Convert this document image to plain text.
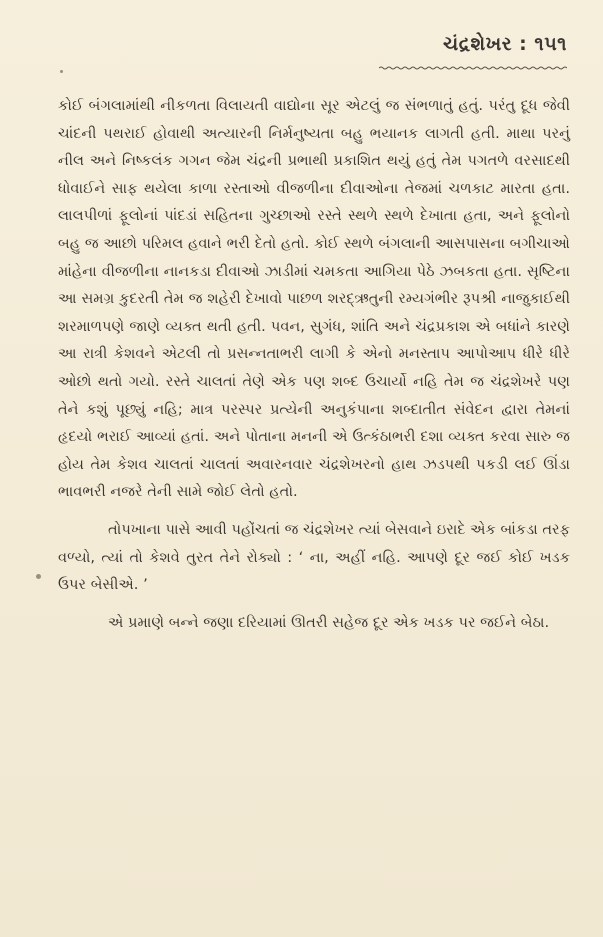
ચંદ્રશેખર : ૧૫૧

કોઈ બંગલામાંથી નીકળતા વિલાયતી વાદ્યોના સૂર એટલું જ સંભળાતું હતું. પરંતુ દૂધ જેવી ચાંદની પથરાઈ હોવાથી અત્યારની નિર્મનુષ્યતા બહુ ભયાનક લાગતી હતી. માથા પરનું નીલ અને નિષ્કલંક ગગન જેમ ચંદ્રની પ્રભાથી પ્રકાશિત થયું હતું તેમ પગતળે વરસાદથી ધોવાઈને સાફ થયેલા કાળા રસ્તાઓ વીજળીના દીવાઓના તેજમાં ચળકાટ મારતા હતા. લાલપીળાં ફૂલોનાં પાંદડાં સહિતના ગુચ્છાઓ રસ્તે સ્થળે સ્થળે દેખાતા હતા, અને ફૂલોનો બહુ જ આછો પરિમલ હવાને ભરી દેતો હતો. કોઈ સ્થળે બંગલાની આસપાસના બગીચાઓ માંહેના વીજળીના નાનકડા દીવાઓ ઝાડીમાં ચમકતા આગિયા પેઠે ઝબકતા હતા. સૃષ્ટિના આ સમગ્ર કુદરતી તેમ જ શહેરી દેખાવો પાછળ શરદ્‌ઋતુની રમ્યગંભીર રૂપશ્રી નાજુકાઈથી શરમાળપણે જાણે વ્યક્ત થતી હતી. પવન, સુગંધ, શાંતિ અને ચંદ્રપ્રકાશ એ બધાંને કારણે આ રાત્રી કેશવને એટલી તો પ્રસન્નતાભરી લાગી કે એનો મનસ્તાપ આપોઆપ ધીરે ધીરે ઓછો થતો ગયો. રસ્તે ચાલતાં તેણે એક પણ શબ્દ ઉચાર્યો નહિ તેમ જ ચંદ્રશેખરે પણ તેને કશું પૂછ્યું નહિ; માત્ર પરસ્પર પ્રત્યેની અનુકંપાના શબ્દાતીત સંવેદન દ્વારા તેમનાં હૃદયો ભરાઈ આવ્યાં હતાં. અને પોતાના મનની એ ઉત્કંઠાભરી દશા વ્યક્ત કરવા સારુ જ હોય તેમ કેશવ ચાલતાં ચાલતાં અવારનવાર ચંદ્રશેખરનો હાથ ઝડપથી પકડી લઈ ઊંડા ભાવભરી નજરે તેની સામે જોઈ લેતો હતો.

તોપખાના પાસે આવી પહોંચતાં જ ચંદ્રશેખર ત્યાં બેસવાને ઇરાદે એક બાંકડા તરફ વળ્યો, ત્યાં તો કેશવે તુરત તેને રોક્યો : ‘ ના, અહીં નહિ. આપણે દૂર જઈ કોઈ ખડક ઉપર બેસીએ. ’

એ પ્રમાણે બન્ને જણા દરિયામાં ઊતરી સહેજ દૂર એક ખડક પર જઈને બેઠા.
